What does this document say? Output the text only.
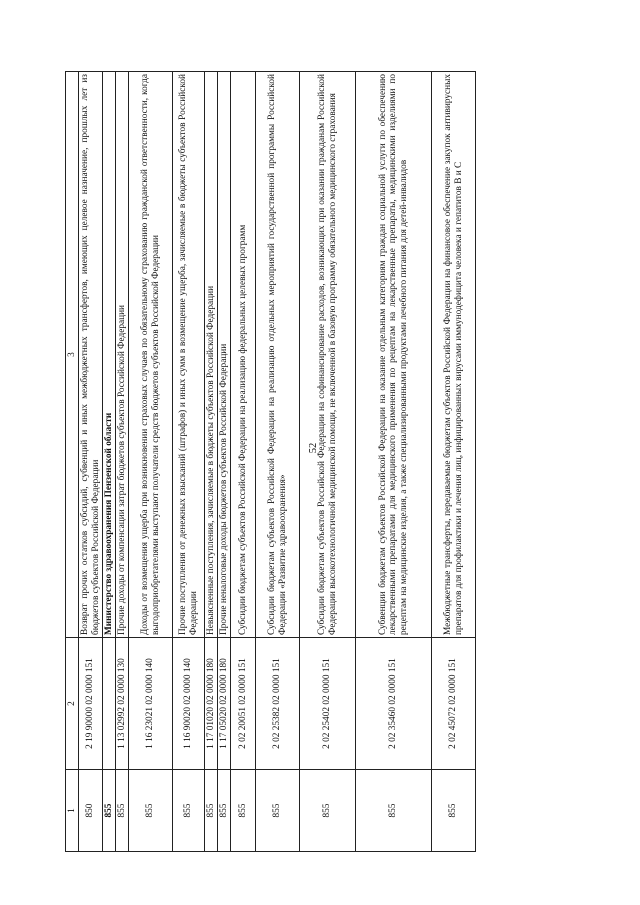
52
1	2	3
850	2 19 90000 02 0000 151	Возврат прочих остатков субсидий, субвенций и иных межбюджетных трансфертов, имеющих целевое назначение, прошлых лет из бюджетов субъектов Российской Федерации
855		Министерство здравоохранения Пензенской области
855	1 13 02992 02 0000 130	Прочие доходы от компенсации затрат бюджетов субъектов Российской Федерации
855	1 16 23021 02 0000 140	Доходы от возмещения ущерба при возникновении страховых случаев по обязательному страхованию гражданской ответственности, когда выгодоприобретателями выступают получатели средств бюджетов субъектов Российской Федерации
855	1 16 90020 02 0000 140	Прочие поступления от денежных взысканий (штрафов) и иных сумм в возмещение ущерба, зачисляемые в бюджеты субъектов Российской Федерации
855	1 17 01020 02 0000 180	Невыясненные поступления, зачисляемые в бюджеты субъектов Российской Федерации
855	1 17 05020 02 0000 180	Прочие неналоговые доходы бюджетов субъектов Российской Федерации
855	2 02 20051 02 0000 151	Субсидии бюджетам субъектов Российской Федерации на реализацию федеральных целевых программ
855	2 02 25382 02 0000 151	Субсидии бюджетам субъектов Российской Федерации на реализацию отдельных мероприятий государственной программы Российской Федерации «Развитие здравоохранения»
855	2 02 25402 02 0000 151	Субсидии бюджетам субъектов Российской Федерации на софинансирование расходов, возникающих при оказании гражданам Российской Федерации высокотехнологичной медицинской помощи, не включенной в базовую программу обязательного медицинского страхования
855	2 02 35460 02 0000 151	Субвенции бюджетам субъектов Российской Федерации на оказание отдельным категориям граждан социальной услуги по обеспечению лекарственными препаратами для медицинского применения по рецептам на лекарственные препараты, медицинскими изделиями по рецептам на медицинские изделия, а также специализированными продуктами лечебного питания для детей-инвалидов
855	2 02 45072 02 0000 151	Межбюджетные трансферты, передаваемые бюджетам субъектов Российской Федерации на финансовое обеспечение закупок антивирусных препаратов для профилактики и лечения лиц, инфицированных вирусами иммунодефицита человека и гепатитов В и С
